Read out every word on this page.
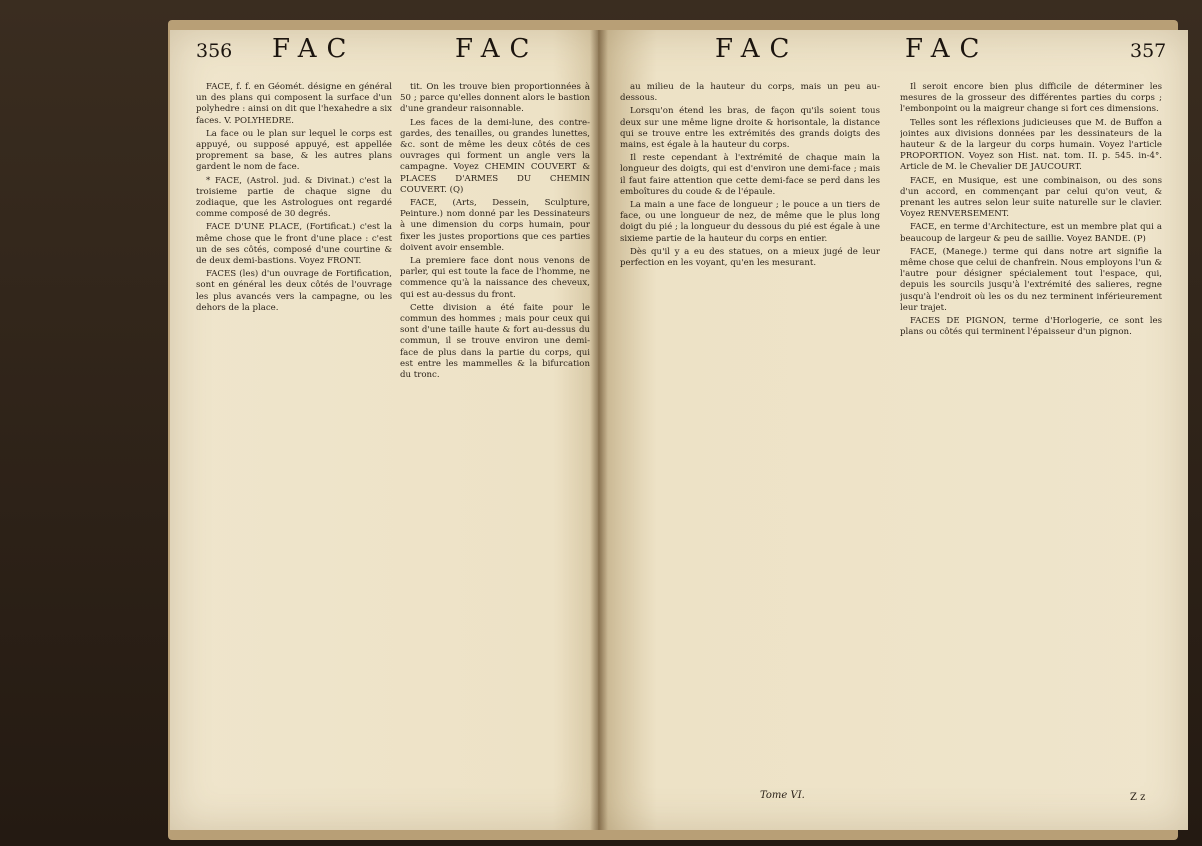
356 FAC	FAC	FAC	FAC	357

FACE, f. f. en Géomét. désigne en général un des plans qui composent la surface d'un polyhedre : ainsi on dit que l'hexahedre a six faces. V. POLYHEDRE.

La face ou le plan sur lequel le corps est appuyé, ou supposé appuyé, est appellée proprement sa base, & les autres plans gardent le nom de face.

* FACE, (Astrol. jud. & Divinat.) c'est la troisieme partie de chaque signe du zodiaque, que les Astrologues ont regardé comme composé de 30 degrés.

FACE D'UNE PLACE, (Fortificat.) c'est la même chose que le front d'une place : c'est un de ses côtés, composé d'une courtine & de deux demi-bastions. Voyez FRONT.

FACES (les) d'un ouvrage de Fortification, sont en général les deux côtés de l'ouvrage les plus avancés vers la campagne, ou les dehors de la place.

tit. On les trouve bien proportionnées à 50 ; parce qu'elles donnent alors le bastion d'une grandeur raisonnable.

Les faces de la demi-lune, des contre-gardes, des tenailles, ou grandes lunettes, &c. sont de même les deux côtés de ces ouvrages qui forment un angle vers la campagne. Voyez CHEMIN COUVERT & PLACES D'ARMES DU CHEMIN COUVERT. (Q)

FACE, (Arts, Dessein, Sculpture, Peinture.) nom donné par les Dessinateurs à une dimension du corps humain, pour fixer les justes proportions que ces parties doivent avoir ensemble.

La premiere face dont nous venons de parler, qui est toute la face de l'homme, ne commence qu'à la naissance des cheveux, qui est au-dessus du front.

Cette division a été faite pour le commun des hommes ; mais pour ceux qui sont d'une taille haute & fort au-dessus du commun, il se trouve environ une demi-face de plus dans la partie du corps, qui est entre les mammelles & la bifurcation du tronc.

au milieu de la hauteur du corps, mais un peu au-dessous.

Lorsqu'on étend les bras, de façon qu'ils soient tous deux sur une même ligne droite & horisontale, la distance qui se trouve entre les extrémités des grands doigts des mains, est égale à la hauteur du corps.

Il reste cependant à l'extrémité de chaque main la longueur des doigts, qui est d'environ une demi-face ; mais il faut faire attention que cette demi-face se perd dans les emboîtures du coude & de l'épaule.

La main a une face de longueur ; le pouce a un tiers de face, ou une longueur de nez, de même que le plus long doigt du pié ; la longueur du dessous du pié est égale à une sixieme partie de la hauteur du corps en entier.

Dès qu'il y a eu des statues, on a mieux jugé de leur perfection en les voyant, qu'en les mesurant.

Il seroit encore bien plus difficile de déterminer les mesures de la grosseur des différentes parties du corps ; l'embonpoint ou la maigreur change si fort ces dimensions.

Telles sont les réflexions judicieuses que M. de Buffon a jointes aux divisions données par les dessinateurs de la hauteur & de la largeur du corps humain. Voyez l'article PROPORTION. Voyez son Hist. nat. tom. II. p. 545. in-4°. Article de M. le Chevalier DE JAUCOURT.

FACE, en Musique, est une combinaison, ou des sons d'un accord, en commençant par celui qu'on veut, & prenant les autres selon leur suite naturelle sur le clavier. Voyez RENVERSEMENT.

FACE, en terme d'Architecture, est un membre plat qui a beaucoup de largeur & peu de saillie. Voyez BANDE. (P)

FACE, (Manege.) terme qui dans notre art signifie la même chose que celui de chanfrein. Nous employons l'un & l'autre pour désigner spécialement tout l'espace, qui, depuis les sourcils jusqu'à l'extrémité des salieres, regne jusqu'à l'endroit où les os du nez terminent inférieurement leur trajet.

FACES DE PIGNON, terme d'Horlogerie, ce sont les plans ou côtés qui terminent l'épaisseur d'un pignon.

Tome VI.	Z z
